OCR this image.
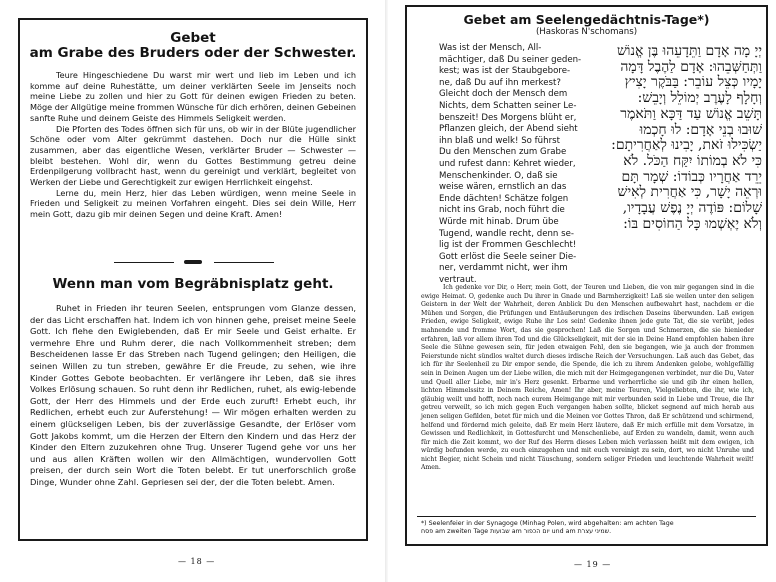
Gebet
am Grabe des Bruders oder der Schwester.

Teure Hingeschiedene Du warst mir wert und lieb im Leben und ich komme auf deine Ruhestätte, um deiner verklärten Seele im Jenseits noch meine Liebe zu zollen und hier zu Gott für deinen ewigen Frieden zu beten. Möge der Allgütige meine frommen Wünsche für dich erhören, deinen Gebeinen sanfte Ruhe und deinem Geiste des Himmels Seligkeit werden.

Die Pforten des Todes öffnen sich für uns, ob wir in der Blüte jugendlicher Schöne oder vom Alter gekrümmt dastehen. Doch nur die Hülle sinkt zusammen, aber das eigentliche Wesen, verklärter Bruder — Schwester — bleibt bestehen. Wohl dir, wenn du Gottes Bestimmung getreu deine Erdenpilgerung vollbracht hast, wenn du gereinigt und verklärt, begleitet von Werken der Liebe und Gerechtigkeit zur ewigen Herrlichkeit eingehst.

Lerne du, mein Herz, hier das Leben würdigen, wenn meine Seele in Frieden und Seligkeit zu meinen Vorfahren eingeht. Dies sei dein Wille, Herr mein Gott, dazu gib mir deinen Segen und deine Kraft. Amen!

Wenn man vom Begräbnisplatz geht.

Ruhet in Frieden ihr teuren Seelen, entsprungen vom Glanze dessen, der das Licht erschaffen hat. Indem ich von hinnen gehe, preiset meine Seele Gott. Ich flehe den Ewiglebenden, daß Er mir Seele und Geist erhalte. Er vermehre Ehre und Ruhm derer, die nach Vollkommenheit streben; dem Bescheidenen lasse Er das Streben nach Tugend gelingen; den Heiligen, die seinen Willen zu tun streben, gewähre Er die Freude, zu sehen, wie ihre Kinder Gottes Gebote beobachten. Er verlängere ihr Leben, daß sie ihres Volkes Erlösung schauen. So ruht denn ihr Redlichen, ruhet, als ewig-lebende Gott, der Herr des Himmels und der Erde euch zuruft! Erhebt euch, ihr Redlichen, erhebt euch zur Auferstehung! — Wir mögen erhalten werden zu einem glückseligen Leben, bis der zuverlässige Gesandte, der Erlöser vom Gott Jakobs kommt, um die Herzen der Eltern den Kindern und das Herz der Kinder den Eltern zuzukehren ohne Trug. Unserer Tugend gehe vor uns her und aus allen Kräften wollen wir den Allmächtigen, wundervollen Gott preisen, der durch sein Wort die Toten belebt. Er tut unerforschlich große Dinge, Wunder ohne Zahl. Gepriesen sei der, der die Toten belebt. Amen.

— 18 —
Gebet am Seelengedächtnis-Tage*)
(Haskoras N'schomans)
Was ist der Mensch, All-
mächtiger, daß Du seiner geden-
kest; was ist der Staubgebore-
ne, daß Du auf ihn merkest?
Gleicht doch der Mensch dem
Nichts, dem Schatten seiner Le-
benszeit! Des Morgens blüht er,
Pflanzen gleich, der Abend sieht
ihn blaß und welk! So führst
Du den Menschen zum Grabe
und rufest dann: Kehret wieder,
Menschenkinder. O, daß sie
weise wären, ernstlich an das
Ende dächten! Schätze folgen
nicht ins Grab, noch führt die
Würde mit hinab. Drum übe
Tugend, wandle recht, denn se-
lig ist der Frommen Geschlecht!
Gott erlöst die Seele seiner Die-
ner, verdammt nicht, wer ihm
vertraut.
יְיָ מָה אָדָם וַתֵּדָעֵהוּ בֶּן אֱנוֹשׁ
וַתְּחַשְּׁבֵהוּ: אָדָם לַהֶבֶל דָּמָה
יָמָיו כְּצֵל עוֹבֵר: בַּבֹּקֶר יָצִיץ
וְחָלָף לָעֶרֶב יְמוֹלֵל וְיָבֵשׁ:
תָּשֵׁב אֱנוֹשׁ עַד דַּכָּא וַתֹּאמֶר
שׁוּבוּ בְנֵי אָדָם: לוּ חָכְמוּ
יַשְׂכִּילוּ זֹאת, יָבִינוּ לְאַחֲרִיתָם:
כִּי לֹא בְמוֹתוֹ יִקַּח הַכֹּל. לֹא
יֵרֵד אַחֲרָיו כְּבוֹדוֹ: שְׁמָר תָּם
וּרְאֵה יָשָׁר, כִּי אַחֲרִית לְאִישׁ
שָׁלוֹם: פּוֹדֶה יְיָ נֶפֶשׁ עֲבָדָיו,
וְלֹא יֶאְשְׁמוּ כָּל הַחוֹסִים בּוֹ:

Ich gedenke vor Dir, o Herr, mein Gott, der Teuren und Lieben, die von mir gegangen sind in die ewige Heimat. O, gedenke auch Du ihrer in Gnade und Barmherzigkeit! Laß sie weilen unter den seligen Geistern in der Welt der Wahrheit, deren Anblick Du den Menschen aufbewahrt hast, nachdem er die Mühen und Sorgen, die Prüfungen und Entäußerungen des irdischen Daseins überwunden. Laß ewigen Frieden, ewige Seligkeit, ewige Ruhe ihr Los sein! Gedenke ihnen jede gute Tat, die sie verübt, jedes mahnende und fromme Wort, das sie gesprochen! Laß die Sorgen und Schmerzen, die sie hienieder erfahren, laß vor allem ihren Tod und die Glückseligkeit, mit der sie in Deine Hand empfohlen haben ihre Seele die Sühne gewesen sein, für jeden etwaigen Fehl, den sie begangen, wie ja auch der frommen Feierstunde nicht sündlos waltet durch dieses irdische Reich der Versuchungen. Laß auch das Gebet, das ich für ihr Seelenheil zu Dir empor sende, die Spende, die ich zu ihrem Andenken gelobe, wohlgefällig sein in Deinen Augen um der Liebe willen, die mich mit der Heimgegangenen verbindet, nur die Du, Vater und Quell aller Liebe, mir in's Herz gesenkt. Erbarme und verherrliche sie und gib ihr einen hellen, lichten Himmelssitz in Deinem Reiche, Amen! Ihr aber, meine Teuren, Vielgeliebten, die ihr, wie ich, gläubig weilt und hofft, noch nach eurem Heimgange mit mir verbunden seid in Liebe und Treue, die Ihr getreu verweilt, so ich mich gegen Euch vergangen haben sollte, blicket segnend auf mich herab aus jenen seligen Gefilden, betet für mich und die Meinen vor Gottes Thron, daß Er schützend und schirmend, helfend und fördernd mich geleite, daß Er mein Herz läutere, daß Er mich erfülle mit dem Vorsatze, in Gewissen und Redlichkeit, in Gottesfurcht und Menschenliebe, auf Erden zu wandeln, damit, wenn auch für mich die Zeit kommt, wo der Ruf des Herrn dieses Leben mich verlassen heißt mit dem ewigen, ich würdig befunden werde, zu euch einzugehen und mit euch vereinigt zu sein, dort, wo nicht Unruhe und nicht Begier, nicht Schein und nicht Täuschung, sondern seliger Frieden und leuchtende Wahrheit weilt! Amen.

*) Seelenfeier in der Synagoge (Minhag Polen, wird abgehalten: am achten Tage
פסח am zweiten Tage שבועות am יום הכפור und am שמיני עצרת.
— 19 —
